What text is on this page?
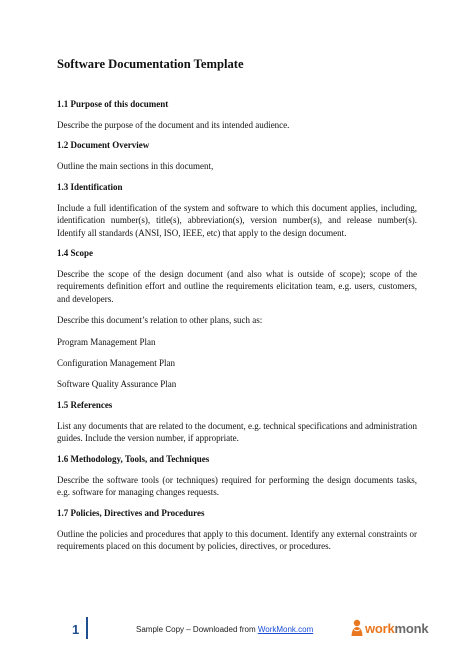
Software Documentation Template
1.1 Purpose of this document

Describe the purpose of the document and its intended audience.

1.2 Document Overview

Outline the main sections in this document,

1.3 Identification

Include a full identification of the system and software to which this document applies, including, identification number(s), title(s), abbreviation(s), version number(s), and release number(s). Identify all standards (ANSI, ISO, IEEE, etc) that apply to the design document.

1.4 Scope

Describe the scope of the design document (and also what is outside of scope); scope of the requirements definition effort and outline the requirements elicitation team, e.g. users, customers, and developers.

Describe this document’s relation to other plans, such as:

Program Management Plan

Configuration Management Plan

Software Quality Assurance Plan

1.5 References

List any documents that are related to the document, e.g. technical specifications and administration guides. Include the version number, if appropriate.

1.6 Methodology, Tools, and Techniques

Describe the software tools (or techniques) required for performing the design documents tasks, e.g. software for managing changes requests.

1.7 Policies, Directives and Procedures

Outline the policies and procedures that apply to this document. Identify any external constraints or requirements placed on this document by policies, directives, or procedures.

1	Sample Copy – Downloaded from WorkMonk.com	workmonk
